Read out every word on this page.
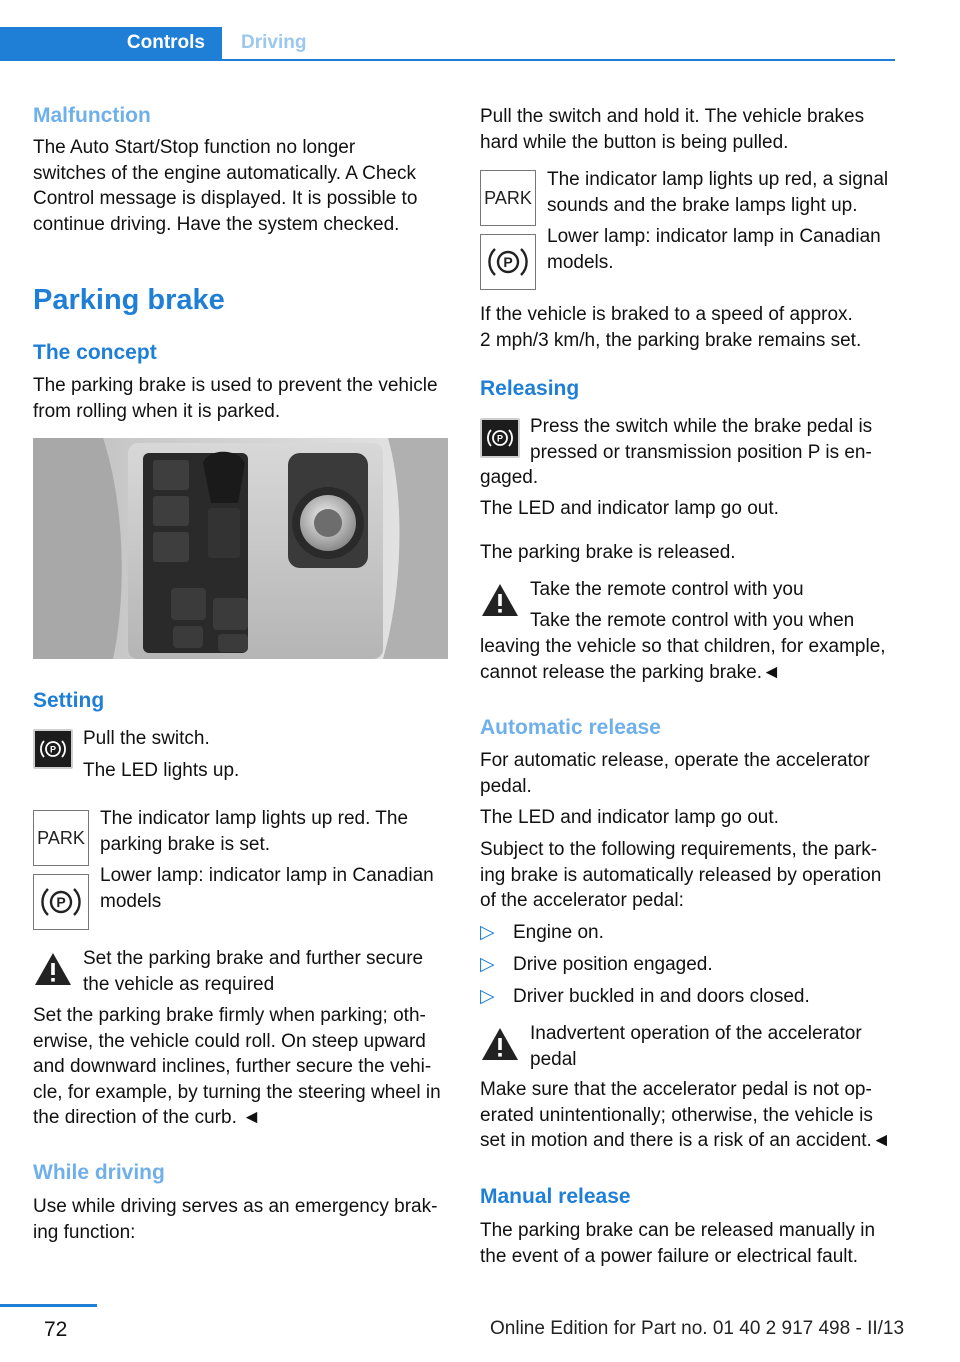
Controls	Driving
Malfunction
The Auto Start/Stop function no longer
switches of the engine automatically. A Check
Control message is displayed. It is possible to
continue driving. Have the system checked.
Parking brake
The concept
The parking brake is used to prevent the vehicle
from rolling when it is parked.
Setting
P
Pull the switch.
The LED lights up.
PARK
The indicator lamp lights up red. The
parking brake is set.
P
Lower lamp: indicator lamp in Canadian
models
Set the parking brake and further secure
the vehicle as required
Set the parking brake firmly when parking; oth-
erwise, the vehicle could roll. On steep upward
and downward inclines, further secure the vehi-
cle, for example, by turning the steering wheel in
the direction of the curb. ◄
While driving
Use while driving serves as an emergency brak-
ing function:
Pull the switch and hold it. The vehicle brakes
hard while the button is being pulled.
PARK
The indicator lamp lights up red, a signal
sounds and the brake lamps light up.
P
Lower lamp: indicator lamp in Canadian
models.
If the vehicle is braked to a speed of approx.
2 mph/3 km/h, the parking brake remains set.
Releasing
P
Press the switch while the brake pedal is
pressed or transmission position P is en-
gaged.
The LED and indicator lamp go out.
The parking brake is released.
Take the remote control with you
Take the remote control with you when
leaving the vehicle so that children, for example,
cannot release the parking brake.◄
Automatic release
For automatic release, operate the accelerator
pedal.
The LED and indicator lamp go out.
Subject to the following requirements, the park-
ing brake is automatically released by operation
of the accelerator pedal:
▷ Engine on.
▷ Drive position engaged.
▷ Driver buckled in and doors closed.
Inadvertent operation of the accelerator
pedal
Make sure that the accelerator pedal is not op-
erated unintentionally; otherwise, the vehicle is
set in motion and there is a risk of an accident.◄
Manual release
The parking brake can be released manually in
the event of a power failure or electrical fault.
72	Online Edition for Part no. 01 40 2 917 498 - II/13
